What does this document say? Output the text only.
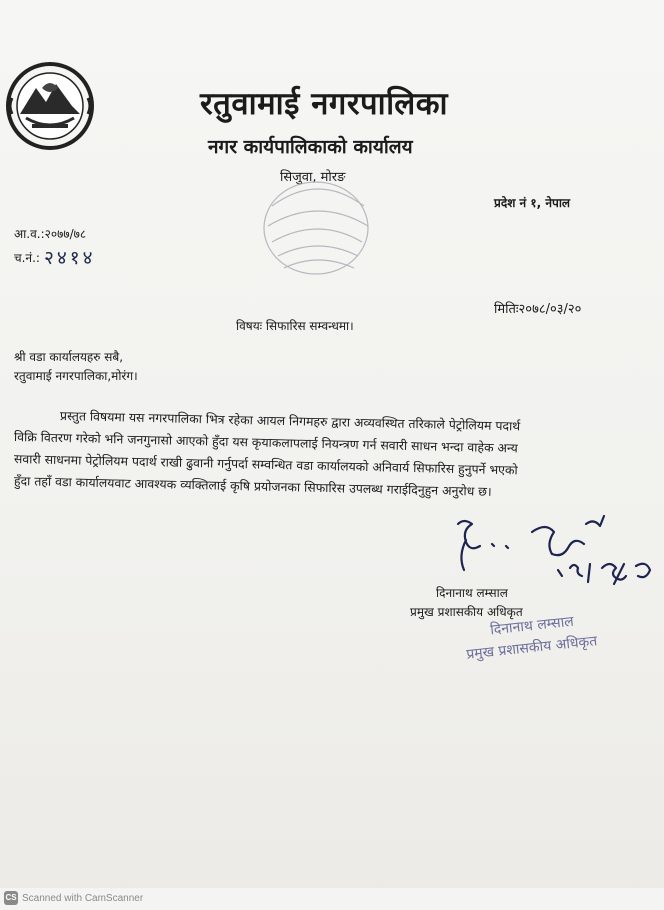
रतुवामाई नगरपालिका
नगर कार्यपालिकाको कार्यालय
सिजुवा, मोरङ
प्रदेश नं १, नेपाल
आ.व.:२०७७/७८
च.नं.: २४१४
मितिः२०७८/०३/२०
विषयः सिफारिस सम्वन्धमा।
श्री वडा कार्यालयहरु सबै,
रतुवामाई नगरपालिका,मोरंग।
प्रस्तुत विषयमा यस नगरपालिका भित्र रहेका आयल निगमहरु द्वारा अव्यवस्थित तरिकाले पेट्रोलियम पदार्थ
विक्रि वितरण गरेको भनि जनगुनासो आएको हुँदा यस कृयाकलापलाई नियन्त्रण गर्न सवारी साधन भन्दा वाहेक अन्य
सवारी साधनमा पेट्रोलियम पदार्थ राखी ढुवानी गर्नुपर्दा सम्वन्धित वडा कार्यालयको अनिवार्य सिफारिस हुनुपर्ने भएको
हुँदा तहाँ वडा कार्यालयवाट आवश्यक व्यक्तिलाई कृषि प्रयोजनका सिफारिस उपलब्ध गराईदिनुहुन अनुरोध छ।
दिनानाथ लम्साल
प्रमुख प्रशासकीय अधिकृत
दिनानाथ लम्साल
प्रमुख प्रशासकीय अधिकृत
CS Scanned with CamScanner
